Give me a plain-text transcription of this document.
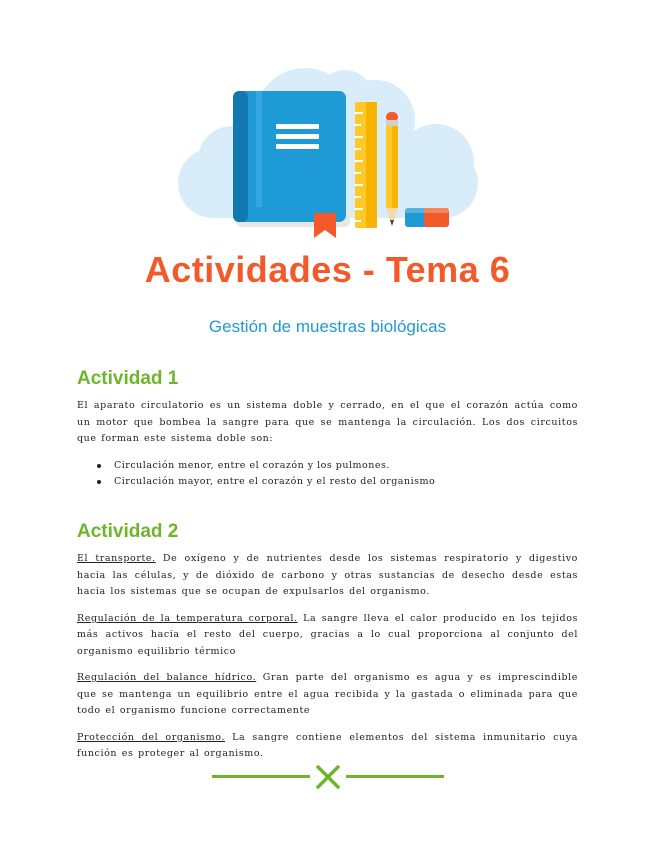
Actividades - Tema 6
Gestión de muestras biológicas
Actividad 1

El aparato circulatorio es un sistema doble y cerrado, en el que el corazón actúa como un motor que bombea la sangre para que se mantenga la circulación. Los dos circuitos que forman este sistema doble son:

Circulación menor, entre el corazón y los pulmones.
Circulación mayor, entre el corazón y el resto del organismo
Actividad 2

El transporte. De oxígeno y de nutrientes desde los sistemas respiratorio y digestivo hacia las células, y de dióxido de carbono y otras sustancias de desecho desde estas hacia los sistemas que se ocupan de expulsarlos del organismo.

Regulación de la temperatura corporal. La sangre lleva el calor producido en los tejidos más activos hacia el resto del cuerpo, gracias a lo cual proporciona al conjunto del organismo equilibrio térmico

Regulación del balance hídrico. Gran parte del organismo es agua y es imprescindible que se mantenga un equilibrio entre el agua recibida y la gastada o eliminada para que todo el organismo funcione correctamente

Protección del organismo. La sangre contiene elementos del sistema inmunitario cuya función es proteger al organismo.
